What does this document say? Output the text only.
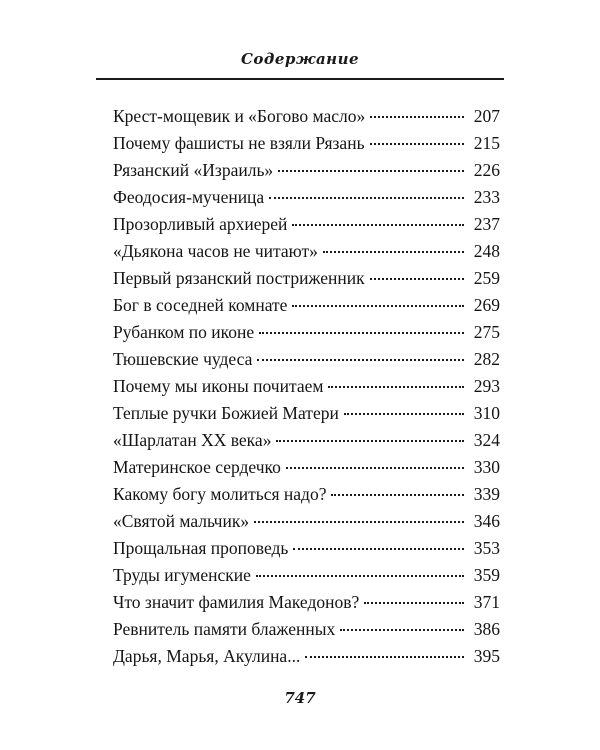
Содержание
Крест-мощевик и «Богово масло»	207
Почему фашисты не взяли Рязань	215
Рязанский «Израиль»	226
Феодосия-мученица	233
Прозорливый архиерей	237
«Дьякона часов не читают»	248
Первый рязанский постриженник	259
Бог в соседней комнате	269
Рубанком по иконе	275
Тюшевские чудеса	282
Почему мы иконы почитаем	293
Теплые ручки Божией Матери	310
«Шарлатан XX века»	324
Материнское сердечко	330
Какому богу молиться надо?	339
«Святой мальчик»	346
Прощальная проповедь	353
Труды игуменские	359
Что значит фамилия Македонов?	371
Ревнитель памяти блаженных	386
Дарья, Марья, Акулина...	395
747
